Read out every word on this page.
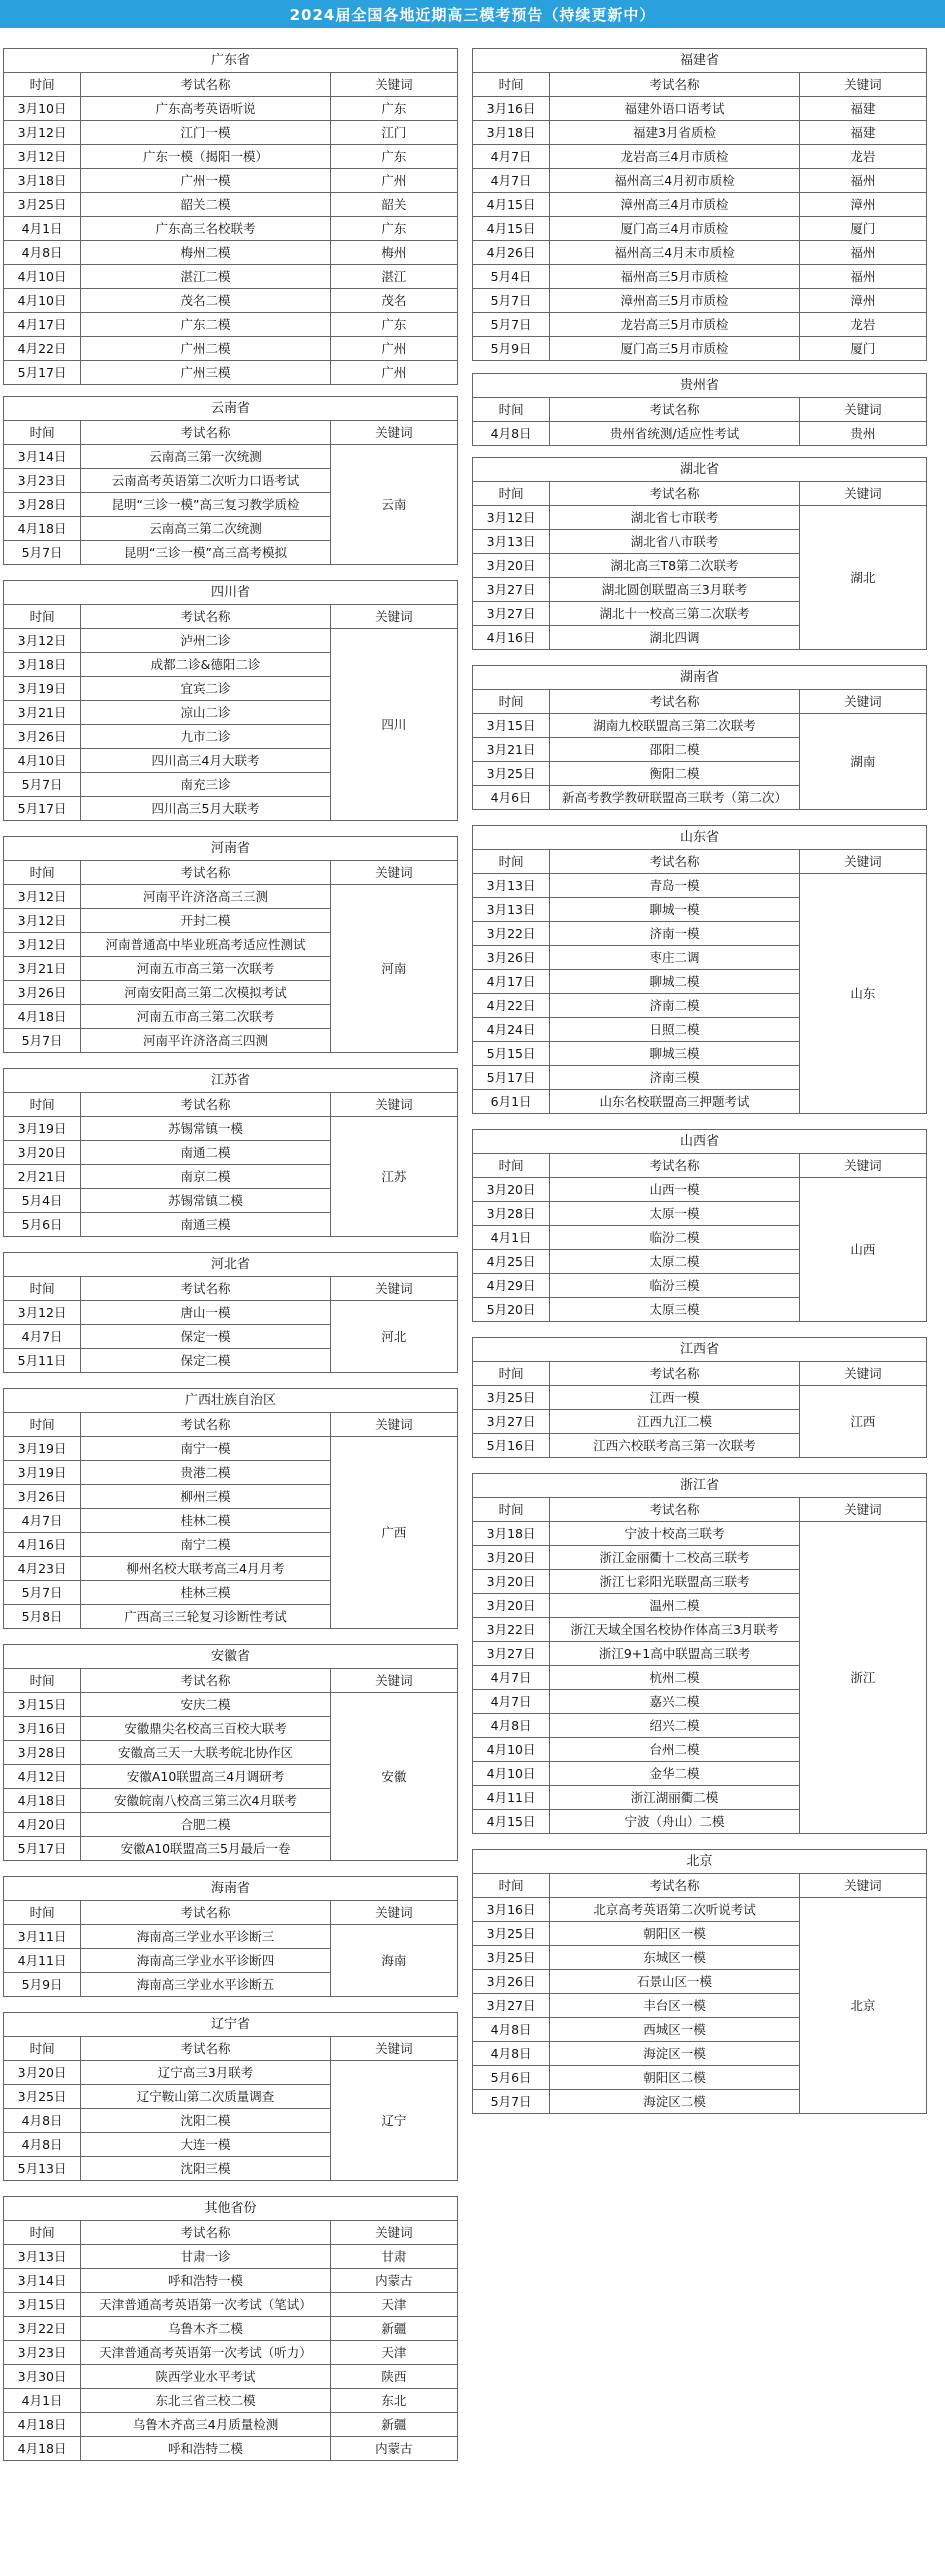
2024届全国各地近期高三模考预告（持续更新中）
广东省		
时间	考试名称	关键词
3月10日	广东高考英语听说	广东
3月12日	江门一模	江门
3月12日	广东一模（揭阳一模）	广东
3月18日	广州一模	广州
3月25日	韶关二模	韶关
4月1日	广东高三名校联考	广东
4月8日	梅州二模	梅州
4月10日	湛江二模	湛江
4月10日	茂名二模	茂名
4月17日	广东二模	广东
4月22日	广州二模	广州
5月17日	广州三模	广州
云南省		
时间	考试名称	关键词
3月14日	云南高三第一次统测	云南
3月23日	云南高考英语第二次听力口语考试	
3月28日	昆明“三诊一模”高三复习教学质检	
4月18日	云南高三第二次统测	
5月7日	昆明“三诊一模”高三高考模拟	
四川省		
时间	考试名称	关键词
3月12日	泸州二诊	四川
3月18日	成都二诊&德阳二诊	
3月19日	宜宾二诊	
3月21日	凉山二诊	
3月26日	九市二诊	
4月10日	四川高三4月大联考	
5月7日	南充三诊	
5月17日	四川高三5月大联考	
河南省		
时间	考试名称	关键词
3月12日	河南平许济洛高三三测	河南
3月12日	开封二模	
3月12日	河南普通高中毕业班高考适应性测试	
3月21日	河南五市高三第一次联考	
3月26日	河南安阳高三第二次模拟考试	
4月18日	河南五市高三第二次联考	
5月7日	河南平许济洛高三四测	
江苏省		
时间	考试名称	关键词
3月19日	苏锡常镇一模	江苏
3月20日	南通二模	
2月21日	南京二模	
5月4日	苏锡常镇二模	
5月6日	南通三模	
河北省		
时间	考试名称	关键词
3月12日	唐山一模	河北
4月7日	保定一模	
5月11日	保定二模	
广西壮族自治区		
时间	考试名称	关键词
3月19日	南宁一模	广西
3月19日	贵港二模	
3月26日	柳州三模	
4月7日	桂林二模	
4月16日	南宁二模	
4月23日	柳州名校大联考高三4月月考	
5月7日	桂林三模	
5月8日	广西高三三轮复习诊断性考试	
安徽省		
时间	考试名称	关键词
3月15日	安庆二模	安徽
3月16日	安徽鼎尖名校高三百校大联考	
3月28日	安徽高三天一大联考皖北协作区	
4月12日	安徽A10联盟高三4月调研考	
4月18日	安徽皖南八校高三第三次4月联考	
4月20日	合肥二模	
5月17日	安徽A10联盟高三5月最后一卷	
海南省		
时间	考试名称	关键词
3月11日	海南高三学业水平诊断三	海南
4月11日	海南高三学业水平诊断四	
5月9日	海南高三学业水平诊断五	
辽宁省		
时间	考试名称	关键词
3月20日	辽宁高三3月联考	辽宁
3月25日	辽宁鞍山第二次质量调查	
4月8日	沈阳二模	
4月8日	大连一模	
5月13日	沈阳三模	
其他省份		
时间	考试名称	关键词
3月13日	甘肃一诊	甘肃
3月14日	呼和浩特一模	内蒙古
3月15日	天津普通高考英语第一次考试（笔试）	天津
3月22日	乌鲁木齐二模	新疆
3月23日	天津普通高考英语第一次考试（听力）	天津
3月30日	陕西学业水平考试	陕西
4月1日	东北三省三校二模	东北
4月18日	乌鲁木齐高三4月质量检测	新疆
4月18日	呼和浩特二模	内蒙古
福建省		
时间	考试名称	关键词
3月16日	福建外语口语考试	福建
3月18日	福建3月省质检	福建
4月7日	龙岩高三4月市质检	龙岩
4月7日	福州高三4月初市质检	福州
4月15日	漳州高三4月市质检	漳州
4月15日	厦门高三4月市质检	厦门
4月26日	福州高三4月末市质检	福州
5月4日	福州高三5月市质检	福州
5月7日	漳州高三5月市质检	漳州
5月7日	龙岩高三5月市质检	龙岩
5月9日	厦门高三5月市质检	厦门
贵州省		
时间	考试名称	关键词
4月8日	贵州省统测/适应性考试	贵州
湖北省		
时间	考试名称	关键词
3月12日	湖北省七市联考	湖北
3月13日	湖北省八市联考	
3月20日	湖北高三T8第二次联考	
3月27日	湖北圆创联盟高三3月联考	
3月27日	湖北十一校高三第二次联考	
4月16日	湖北四调	
湖南省		
时间	考试名称	关键词
3月15日	湖南九校联盟高三第二次联考	湖南
3月21日	邵阳二模	
3月25日	衡阳二模	
4月6日	新高考教学教研联盟高三联考（第二次）	
山东省		
时间	考试名称	关键词
3月13日	青岛一模	山东
3月13日	聊城一模	
3月22日	济南一模	
3月26日	枣庄二调	
4月17日	聊城二模	
4月22日	济南二模	
4月24日	日照二模	
5月15日	聊城三模	
5月17日	济南三模	
6月1日	山东名校联盟高三押题考试	
山西省		
时间	考试名称	关键词
3月20日	山西一模	山西
3月28日	太原一模	
4月1日	临汾二模	
4月25日	太原二模	
4月29日	临汾三模	
5月20日	太原三模	
江西省		
时间	考试名称	关键词
3月25日	江西一模	江西
3月27日	江西九江二模	
5月16日	江西六校联考高三第一次联考	
浙江省		
时间	考试名称	关键词
3月18日	宁波十校高三联考	浙江
3月20日	浙江金丽衢十二校高三联考	
3月20日	浙江七彩阳光联盟高三联考	
3月20日	温州二模	
3月22日	浙江天域全国名校协作体高三3月联考	
3月27日	浙江9+1高中联盟高三联考	
4月7日	杭州二模	
4月7日	嘉兴二模	
4月8日	绍兴二模	
4月10日	台州二模	
4月10日	金华二模	
4月11日	浙江湖丽衢二模	
4月15日	宁波（舟山）二模	
北京		
时间	考试名称	关键词
3月16日	北京高考英语第二次听说考试	北京
3月25日	朝阳区一模	
3月25日	东城区一模	
3月26日	石景山区一模	
3月27日	丰台区一模	
4月8日	西城区一模	
4月8日	海淀区一模	
5月6日	朝阳区二模	
5月7日	海淀区二模	
